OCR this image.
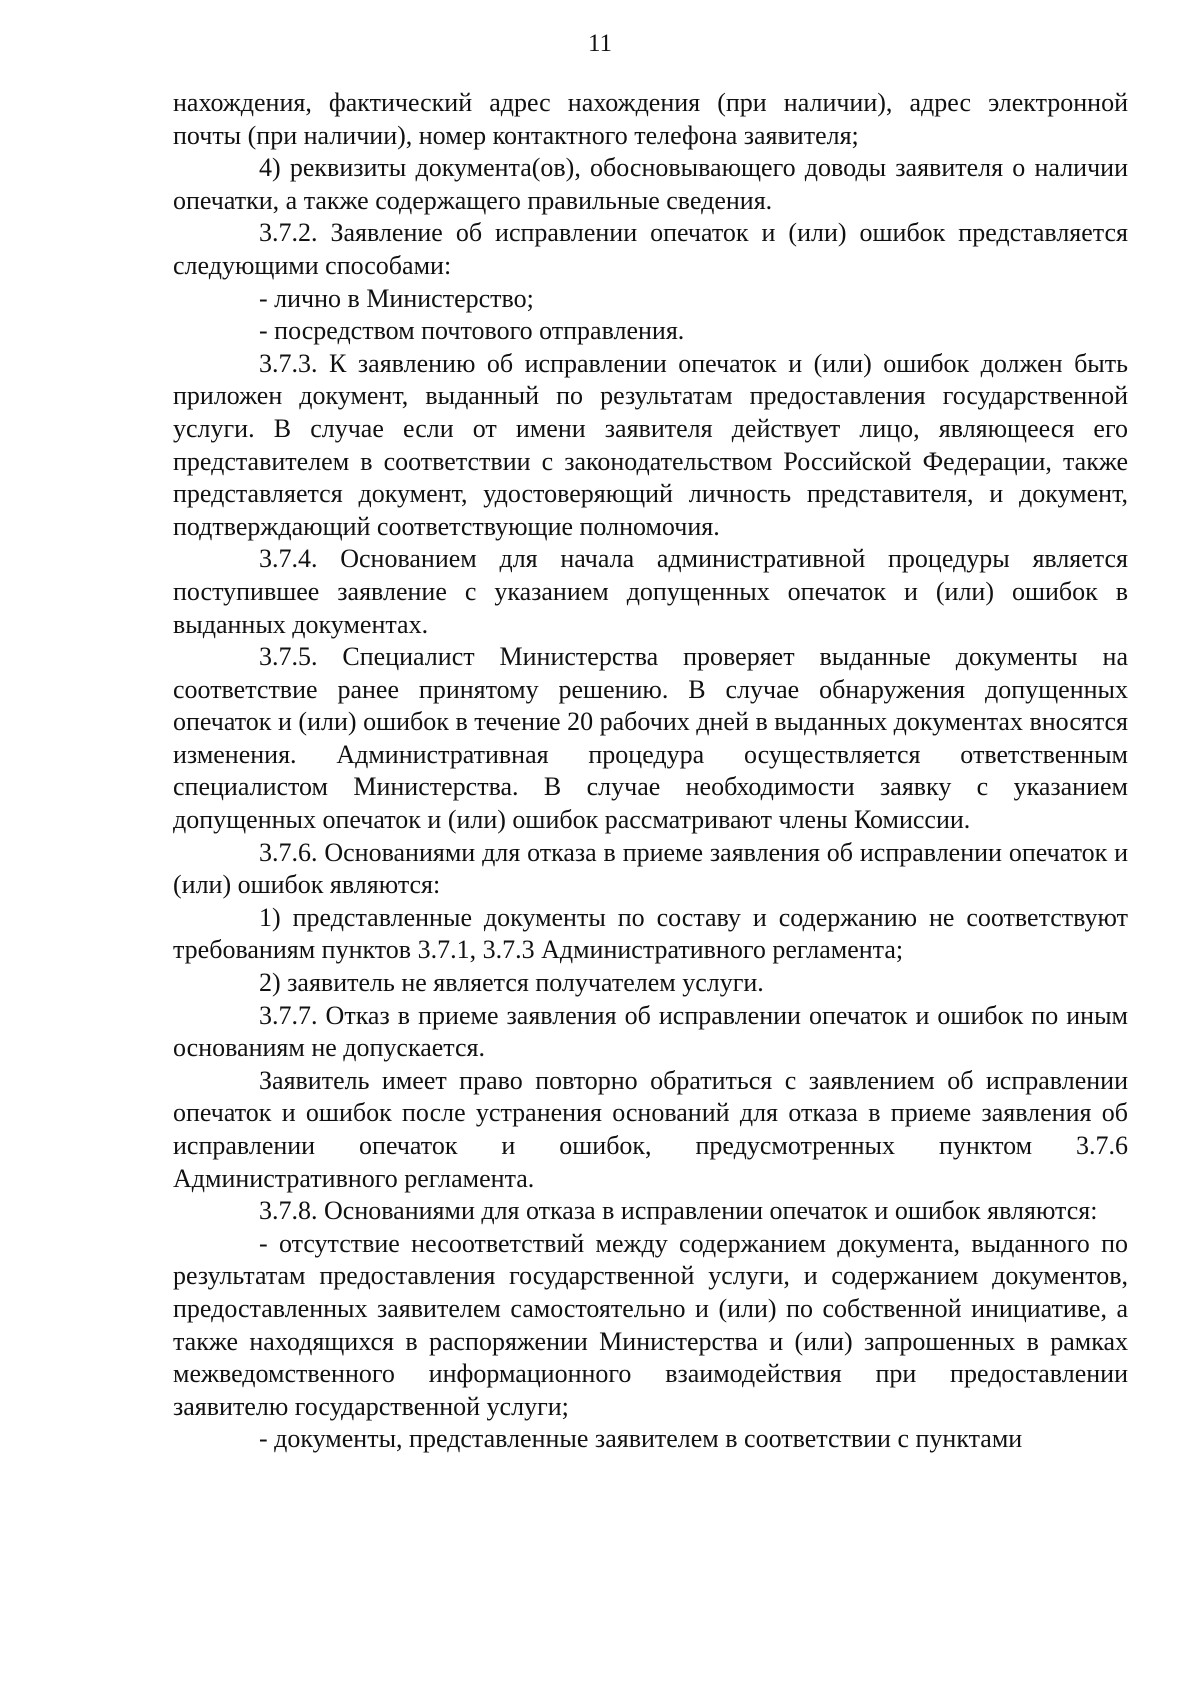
11

нахождения, фактический адрес нахождения (при наличии), адрес электронной почты (при наличии), номер контактного телефона заявителя;

4) реквизиты документа(ов), обосновывающего доводы заявителя о наличии опечатки, а также содержащего правильные сведения.

3.7.2. Заявление об исправлении опечаток и (или) ошибок представляется следующими способами:

- лично в Министерство;

- посредством почтового отправления.

3.7.3. К заявлению об исправлении опечаток и (или) ошибок должен быть приложен документ, выданный по результатам предоставления государственной услуги. В случае если от имени заявителя действует лицо, являющееся его представителем в соответствии с законодательством Российской Федерации, также представляется документ, удостоверяющий личность представителя, и документ, подтверждающий соответствующие полномочия.

3.7.4. Основанием для начала административной процедуры является поступившее заявление с указанием допущенных опечаток и (или) ошибок в выданных документах.

3.7.5. Специалист Министерства проверяет выданные документы на соответствие ранее принятому решению. В случае обнаружения допущенных опечаток и (или) ошибок в течение 20 рабочих дней в выданных документах вносятся изменения. Административная процедура осуществляется ответственным специалистом Министерства. В случае необходимости заявку с указанием допущенных опечаток и (или) ошибок рассматривают члены Комиссии.

3.7.6. Основаниями для отказа в приеме заявления об исправлении опечаток и (или) ошибок являются:

1) представленные документы по составу и содержанию не соответствуют требованиям пунктов 3.7.1, 3.7.3 Административного регламента;

2) заявитель не является получателем услуги.

3.7.7. Отказ в приеме заявления об исправлении опечаток и ошибок по иным основаниям не допускается.

Заявитель имеет право повторно обратиться с заявлением об исправлении опечаток и ошибок после устранения оснований для отказа в приеме заявления об исправлении опечаток и ошибок, предусмотренных пунктом 3.7.6 Административного регламента.

3.7.8. Основаниями для отказа в исправлении опечаток и ошибок являются:

- отсутствие несоответствий между содержанием документа, выданного по результатам предоставления государственной услуги, и содержанием документов, предоставленных заявителем самостоятельно и (или) по собственной инициативе, а также находящихся в распоряжении Министерства и (или) запрошенных в рамках межведомственного информационного взаимодействия при предоставлении заявителю государственной услуги;

- документы, представленные заявителем в соответствии с пунктами
